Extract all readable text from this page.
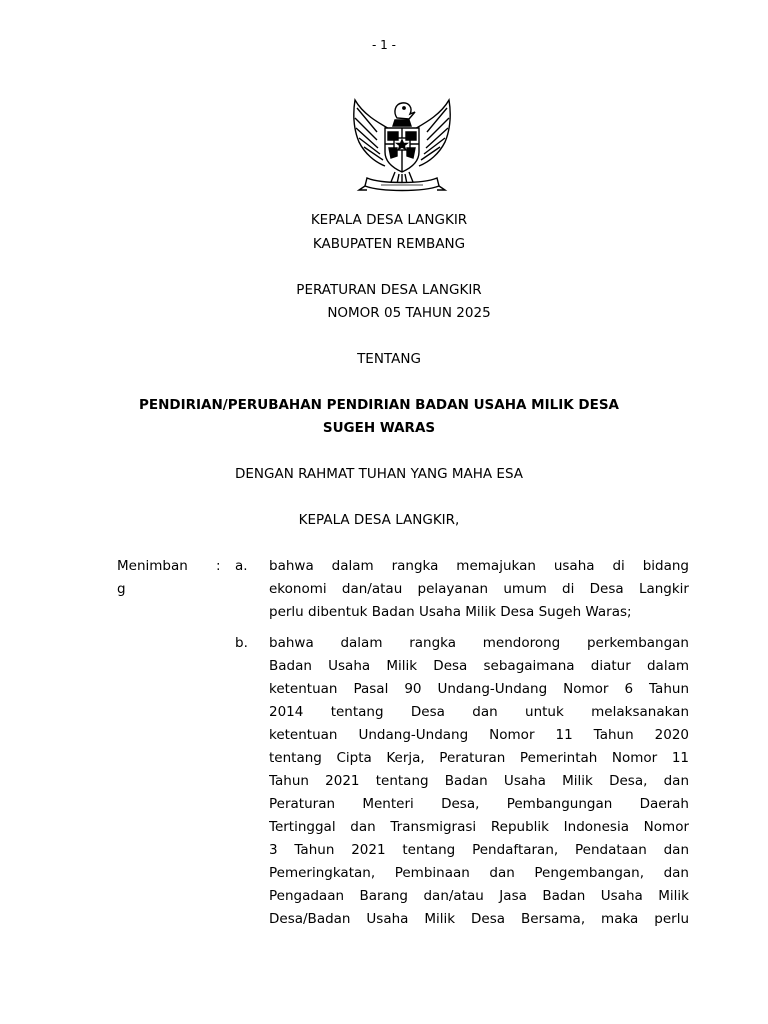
- 1 -
KEPALA DESA LANGKIR
KABUPATEN REMBANG
PERATURAN DESA LANGKIR
NOMOR 05 TAHUN 2025
TENTANG
PENDIRIAN/PERUBAHAN PENDIRIAN BADAN USAHA MILIK DESA
SUGEH WARAS
DENGAN RAHMAT TUHAN YANG MAHA ESA
KEPALA DESA LANGKIR,
Menimban
g
: a. bahwa dalam rangka memajukan usaha di bidang
ekonomi dan/atau pelayanan umum di Desa Langkir
perlu dibentuk Badan Usaha Milik Desa Sugeh Waras;
b. bahwa dalam rangka mendorong perkembangan
Badan Usaha Milik Desa sebagaimana diatur dalam
ketentuan Pasal 90 Undang-Undang Nomor 6 Tahun
2014 tentang Desa dan untuk melaksanakan
ketentuan Undang-Undang Nomor 11 Tahun 2020
tentang Cipta Kerja, Peraturan Pemerintah Nomor 11
Tahun 2021 tentang Badan Usaha Milik Desa, dan
Peraturan Menteri Desa, Pembangungan Daerah
Tertinggal dan Transmigrasi Republik Indonesia Nomor
3 Tahun 2021 tentang Pendaftaran, Pendataan dan
Pemeringkatan, Pembinaan dan Pengembangan, dan
Pengadaan Barang dan/atau Jasa Badan Usaha Milik
Desa/Badan Usaha Milik Desa Bersama, maka perlu
